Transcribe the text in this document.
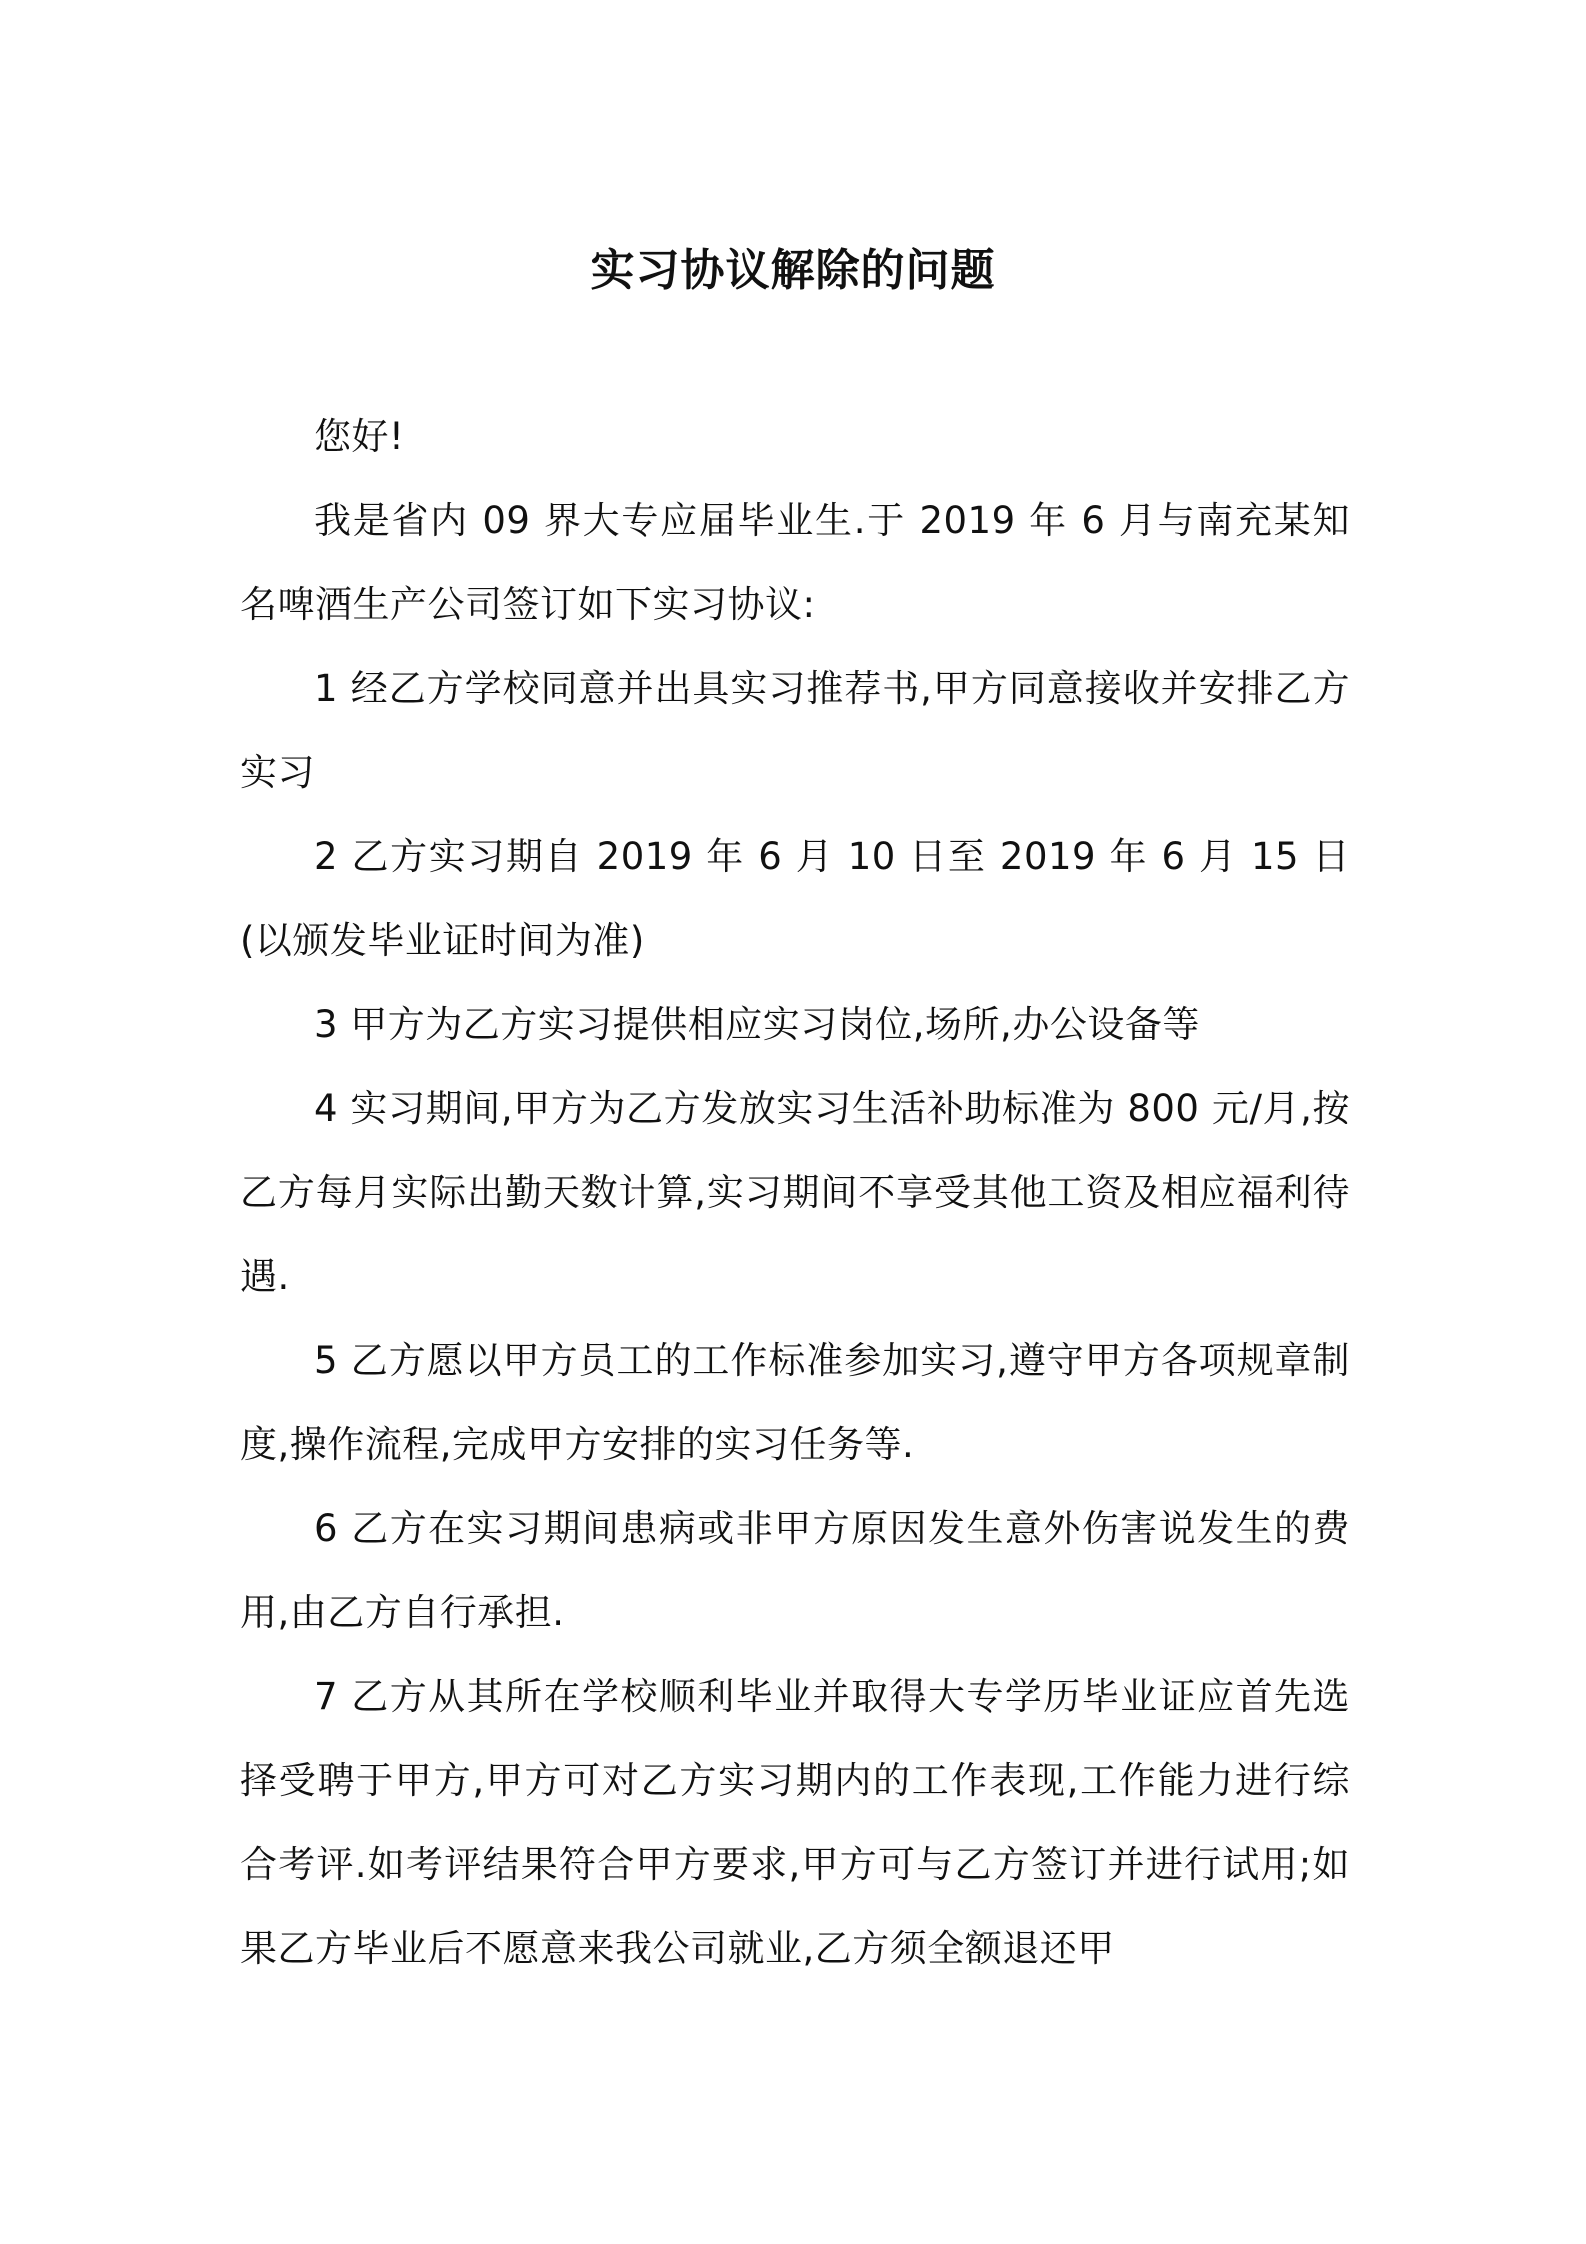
实习协议解除的问题

您好!

我是省内 09 界大专应届毕业生.于 2019 年 6 月与南充某知名啤酒生产公司签订如下实习协议:

1 经乙方学校同意并出具实习推荐书,甲方同意接收并安排乙方实习

2 乙方实习期自 2019 年 6 月 10 日至 2019 年 6 月 15 日(以颁发毕业证时间为准)

3 甲方为乙方实习提供相应实习岗位,场所,办公设备等

4 实习期间,甲方为乙方发放实习生活补助标准为 800 元/月,按乙方每月实际出勤天数计算,实习期间不享受其他工资及相应福利待遇.

5 乙方愿以甲方员工的工作标准参加实习,遵守甲方各项规章制度,操作流程,完成甲方安排的实习任务等.

6 乙方在实习期间患病或非甲方原因发生意外伤害说发生的费用,由乙方自行承担.

7 乙方从其所在学校顺利毕业并取得大专学历毕业证应首先选择受聘于甲方,甲方可对乙方实习期内的工作表现,工作能力进行综合考评.如考评结果符合甲方要求,甲方可与乙方签订并进行试用;如果乙方毕业后不愿意来我公司就业,乙方须全额退还甲
